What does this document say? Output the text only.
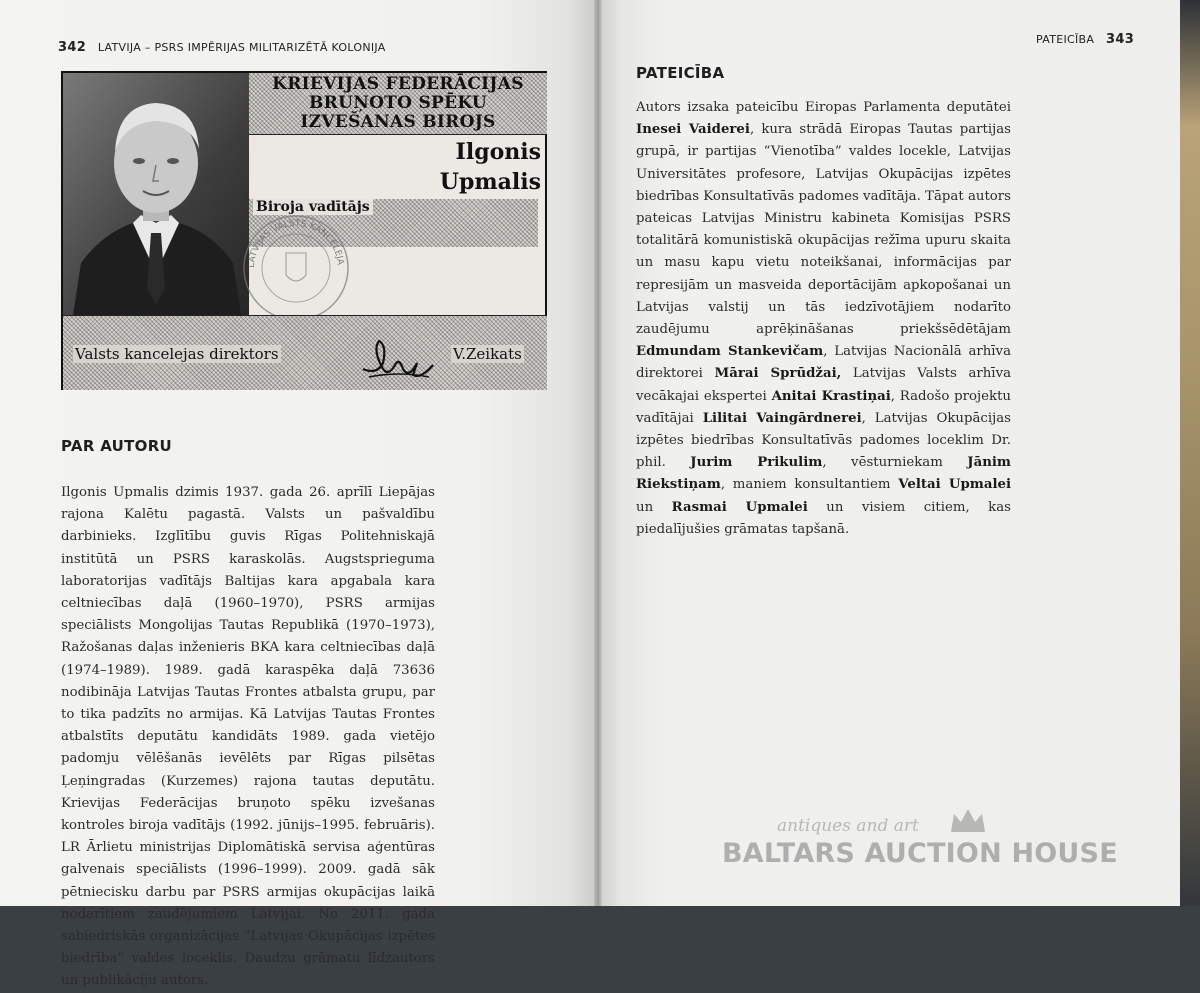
342 LATVIJA – PSRS IMPĒRIJAS MILITARIZĒTĀ KOLONIJA
PATEICĪBA 343
KRIEVIJAS FEDERĀCIJAS
BRUŅOTO SPĒKU
IZVEŠANAS BIROJS
Ilgonis
Upmalis
Biroja vadītājs
LATVIJAS VALSTS KANCELEJA
Valsts kancelejas direktors	V.Zeikats
PAR AUTORU
Ilgonis Upmalis dzimis 1937. gada 26. aprīlī Liepājas rajona Kalētu pagastā. Valsts un pašvaldību darbinieks. Izglītību guvis Rīgas Politehniskajā institūtā un PSRS karaskolās. Augstsprieguma laboratorijas vadītājs Baltijas kara apgabala kara celtniecības daļā (1960–1970), PSRS armijas speciālists Mongolijas Tautas Republikā (1970–1973), Ražošanas daļas inženieris BKA kara celtniecības daļā (1974–1989). 1989. gadā karaspēka daļā 73636 nodibināja Latvijas Tautas Frontes atbalsta grupu, par to tika padzīts no armijas. Kā Latvijas Tautas Frontes atbalstīts deputātu kandidāts 1989. gada vietējo padomju vēlēšanās ievēlēts par Rīgas pilsētas Ļeņingradas (Kurzemes) rajona tautas deputātu. Krievijas Federācijas bruņoto spēku izvešanas kontroles biroja vadītājs (1992. jūnijs–1995. februāris). LR Ārlietu ministrijas Diplomātiskā servisa aģentūras galvenais speciālists (1996–1999). 2009. gadā sāk pētniecisku darbu par PSRS armijas okupācijas laikā nodarītiem zaudējumiem Latvijai. No 2011. gada sabiedriskās organizācijas “Latvijas Okupācijas izpētes biedrība” valdes loceklis. Daudzu grāmatu līdzautors un publikāciju autors.
PATEICĪBA
Autors izsaka pateicību Eiropas Parlamenta deputātei Inesei Vaiderei, kura strādā Eiropas Tautas partijas grupā, ir partijas “Vienotība” valdes locekle, Latvijas Universitātes profesore, Latvijas Okupācijas izpētes biedrības Konsultatīvās padomes vadītāja. Tāpat autors pateicas Latvijas Ministru kabineta Komisijas PSRS totalitārā komunistiskā okupācijas režīma upuru skaita un masu kapu vietu noteikšanai, informācijas par represijām un masveida deportācijām apkopošanai un Latvijas valstij un tās iedzīvotājiem nodarīto zaudējumu aprēķināšanas priekšsēdētājam Edmundam Stankevičam, Latvijas Nacionālā arhīva direktorei Mārai Sprūdžai, Latvijas Valsts arhīva vecākajai ekspertei Anitai Krastiņai, Radošo projektu vadītājai Lilitai Vaingārdnerei, Latvijas Okupācijas izpētes biedrības Konsultatīvās padomes loceklim Dr. phil. Jurim Prikulim, vēsturniekam Jānim Riekstiņam, maniem konsultantiem Veltai Upmalei un Rasmai Upmalei un visiem citiem, kas piedalījušies grāmatas tapšanā.
antiques and art
BALTARS AUCTION HOUSE
